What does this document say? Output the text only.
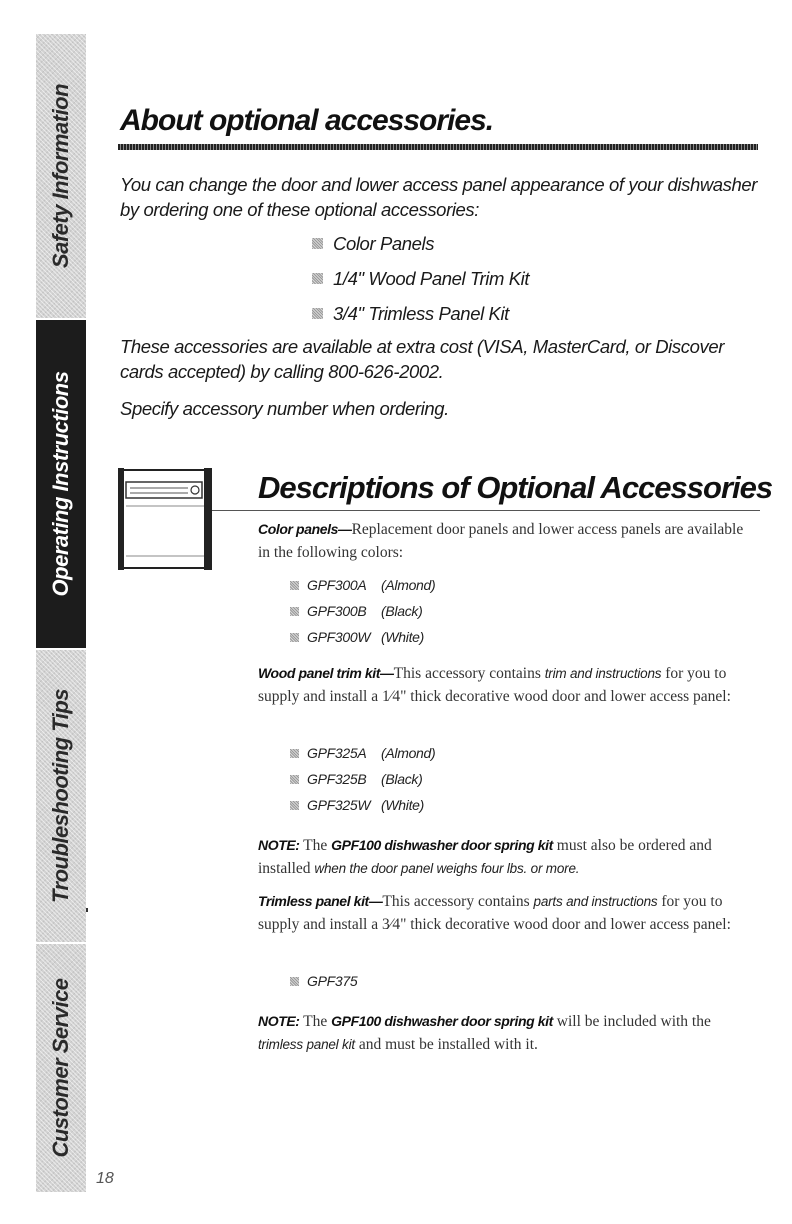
Safety Information
Operating Instructions
Troubleshooting Tips
Customer Service
About optional accessories.

You can change the door and lower access panel appearance of your dishwasher by ordering one of these optional accessories:

Color Panels
1/4" Wood Panel Trim Kit
3/4" Trimless Panel Kit

These accessories are available at extra cost (VISA, MasterCard, or Discover cards accepted) by calling 800-626-2002.

Specify accessory number when ordering.

Descriptions of Optional Accessories

Color panels—Replacement door panels and lower access panels are available in the following colors:

GPF300A	(Almond)
GPF300B	(Black)
GPF300W (White)

Wood panel trim kit—This accessory contains trim and instructions for you to supply and install a 1⁄4" thick decorative wood door and lower access panel:

GPF325A	(Almond)
GPF325B	(Black)
GPF325W (White)

NOTE: The GPF100 dishwasher door spring kit must also be ordered and installed when the door panel weighs four lbs. or more.

Trimless panel kit—This accessory contains parts and instructions for you to supply and install a 3⁄4" thick decorative wood door and lower access panel:

GPF375

NOTE: The GPF100 dishwasher door spring kit will be included with the trimless panel kit and must be installed with it.

18
